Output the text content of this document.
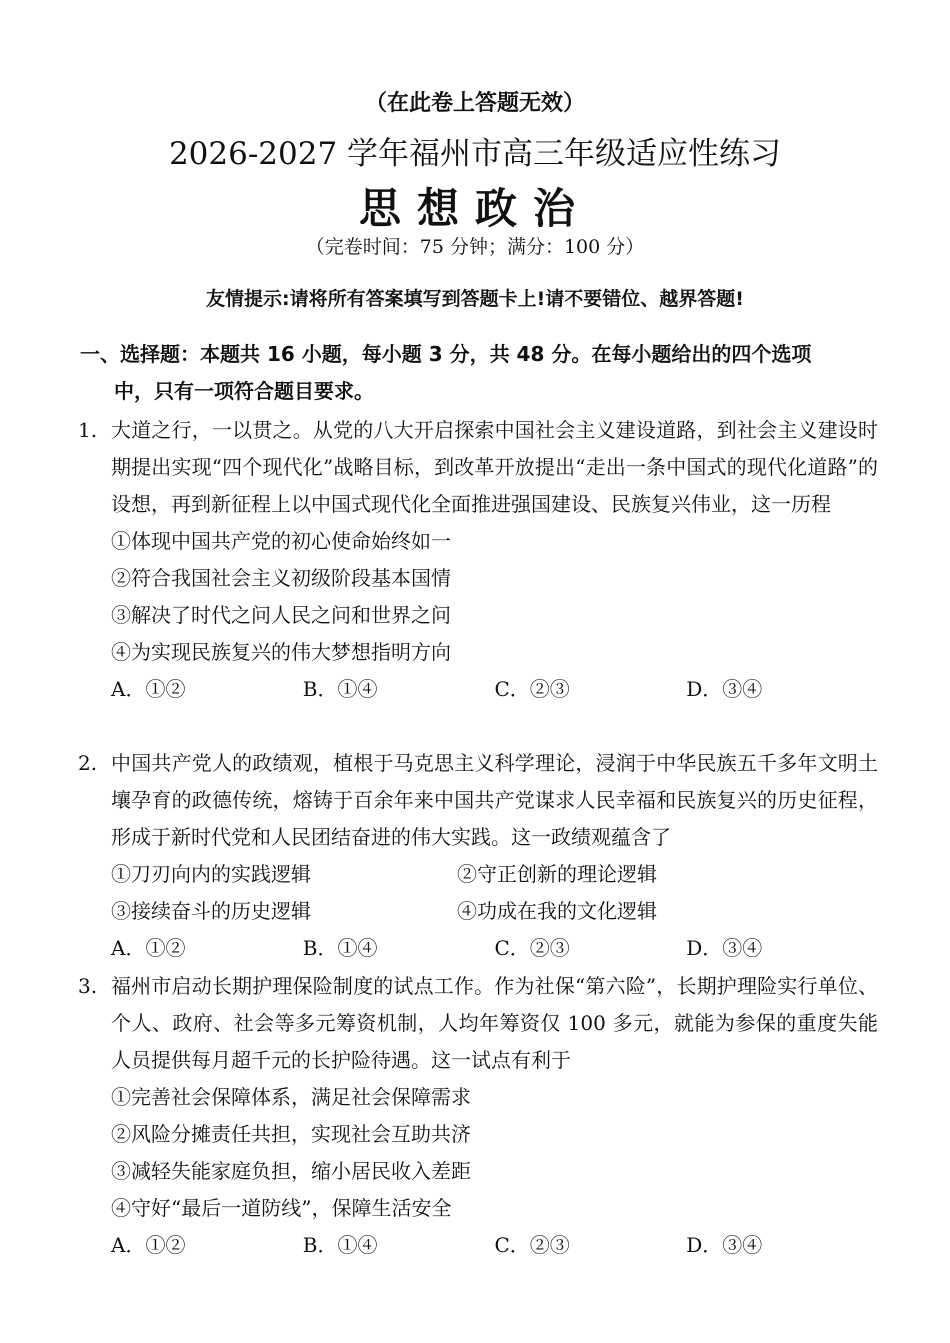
（在此卷上答题无效）
2026-2027 学年福州市高三年级适应性练习
思想政治
（完卷时间：75 分钟；满分：100 分）
友情提示:请将所有答案填写到答题卡上!请不要错位、越界答题!
一、选择题：本题共 16 小题，每小题 3 分，共 48 分。在每小题给出的四个选项
中，只有一项符合题目要求。
1. 大道之行，一以贯之。从党的八大开启探索中国社会主义建设道路，到社会主义建设时期提出实现“四个现代化”战略目标，到改革开放提出“走出一条中国式的现代化道路”的设想，再到新征程上以中国式现代化全面推进强国建设、民族复兴伟业，这一历程
①体现中国共产党的初心使命始终如一
②符合我国社会主义初级阶段基本国情
③解决了时代之问人民之问和世界之问
④为实现民族复兴的伟大梦想指明方向
A．①②	B．①④	C．②③	D．③④
2. 中国共产党人的政绩观，植根于马克思主义科学理论，浸润于中华民族五千多年文明土壤孕育的政德传统，熔铸于百余年来中国共产党谋求人民幸福和民族复兴的历史征程，形成于新时代党和人民团结奋进的伟大实践。这一政绩观蕴含了
①刀刃向内的实践逻辑	②守正创新的理论逻辑
③接续奋斗的历史逻辑	④功成在我的文化逻辑
A．①②	B．①④	C．②③	D．③④
3. 福州市启动长期护理保险制度的试点工作。作为社保“第六险”，长期护理险实行单位、个人、政府、社会等多元筹资机制，人均年筹资仅 100 多元，就能为参保的重度失能人员提供每月超千元的长护险待遇。这一试点有利于
①完善社会保障体系，满足社会保障需求
②风险分摊责任共担，实现社会互助共济
③减轻失能家庭负担，缩小居民收入差距
④守好“最后一道防线”，保障生活安全
A．①②	B．①④	C．②③	D．③④
